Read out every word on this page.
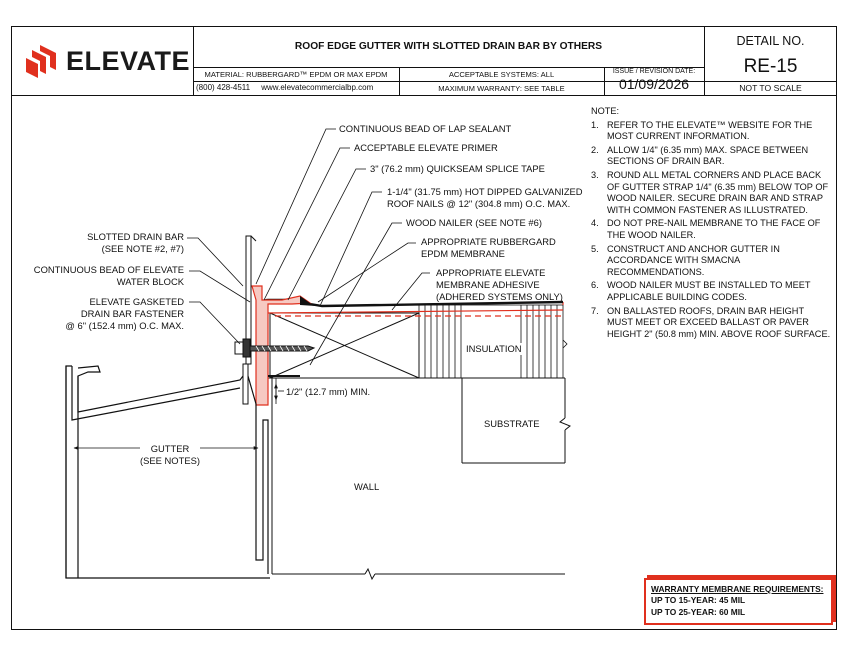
ELEVATE	ROOF EDGE GUTTER WITH SLOTTED DRAIN BAR BY OTHERS
MATERIAL: RUBBERGARD™ EPDM OR MAX EPDM	ACCEPTABLE SYSTEMS: ALL	ISSUE / REVISION DATE:
01/09/2026
(800) 428-4511     www.elevatecommercialbp.com	MAXIMUM WARRANTY: SEE TABLE
DETAIL NO.
RE-15
NOT TO SCALE
CONTINUOUS BEAD OF LAP SEALANT
ACCEPTABLE ELEVATE PRIMER
3" (76.2 mm) QUICKSEAM SPLICE TAPE
1-1/4" (31.75 mm) HOT DIPPED GALVANIZED
ROOF NAILS @ 12" (304.8 mm) O.C. MAX.
WOOD NAILER (SEE NOTE #6)
APPROPRIATE RUBBERGARD
EPDM MEMBRANE
APPROPRIATE ELEVATE
MEMBRANE ADHESIVE
(ADHERED SYSTEMS ONLY)
SLOTTED DRAIN BAR
(SEE NOTE #2, #7)
CONTINUOUS BEAD OF ELEVATE
WATER BLOCK
ELEVATE GASKETED
DRAIN BAR FASTENER
@ 6" (152.4 mm) O.C. MAX.
INSULATION
1/2" (12.7 mm) MIN.
SUBSTRATE
GUTTER
(SEE NOTES)
WALL
NOTE:
1. REFER TO THE ELEVATE™ WEBSITE FOR THE MOST CURRENT INFORMATION.
2. ALLOW 1/4" (6.35 mm) MAX. SPACE BETWEEN SECTIONS OF DRAIN BAR.
3. ROUND ALL METAL CORNERS AND PLACE BACK OF GUTTER STRAP 1/4" (6.35 mm) BELOW TOP OF WOOD NAILER. SECURE DRAIN BAR AND STRAP WITH COMMON FASTENER AS ILLUSTRATED.
4. DO NOT PRE-NAIL MEMBRANE TO THE FACE OF THE WOOD NAILER.
5. CONSTRUCT AND ANCHOR GUTTER IN ACCORDANCE WITH SMACNA RECOMMENDATIONS.
6. WOOD NAILER MUST BE INSTALLED TO MEET APPLICABLE BUILDING CODES.
7. ON BALLASTED ROOFS, DRAIN BAR HEIGHT MUST MEET OR EXCEED BALLAST OR PAVER HEIGHT 2" (50.8 mm) MIN. ABOVE ROOF SURFACE.
WARRANTY MEMBRANE REQUIREMENTS:
UP TO 15-YEAR: 45 MIL
UP TO 25-YEAR: 60 MIL
